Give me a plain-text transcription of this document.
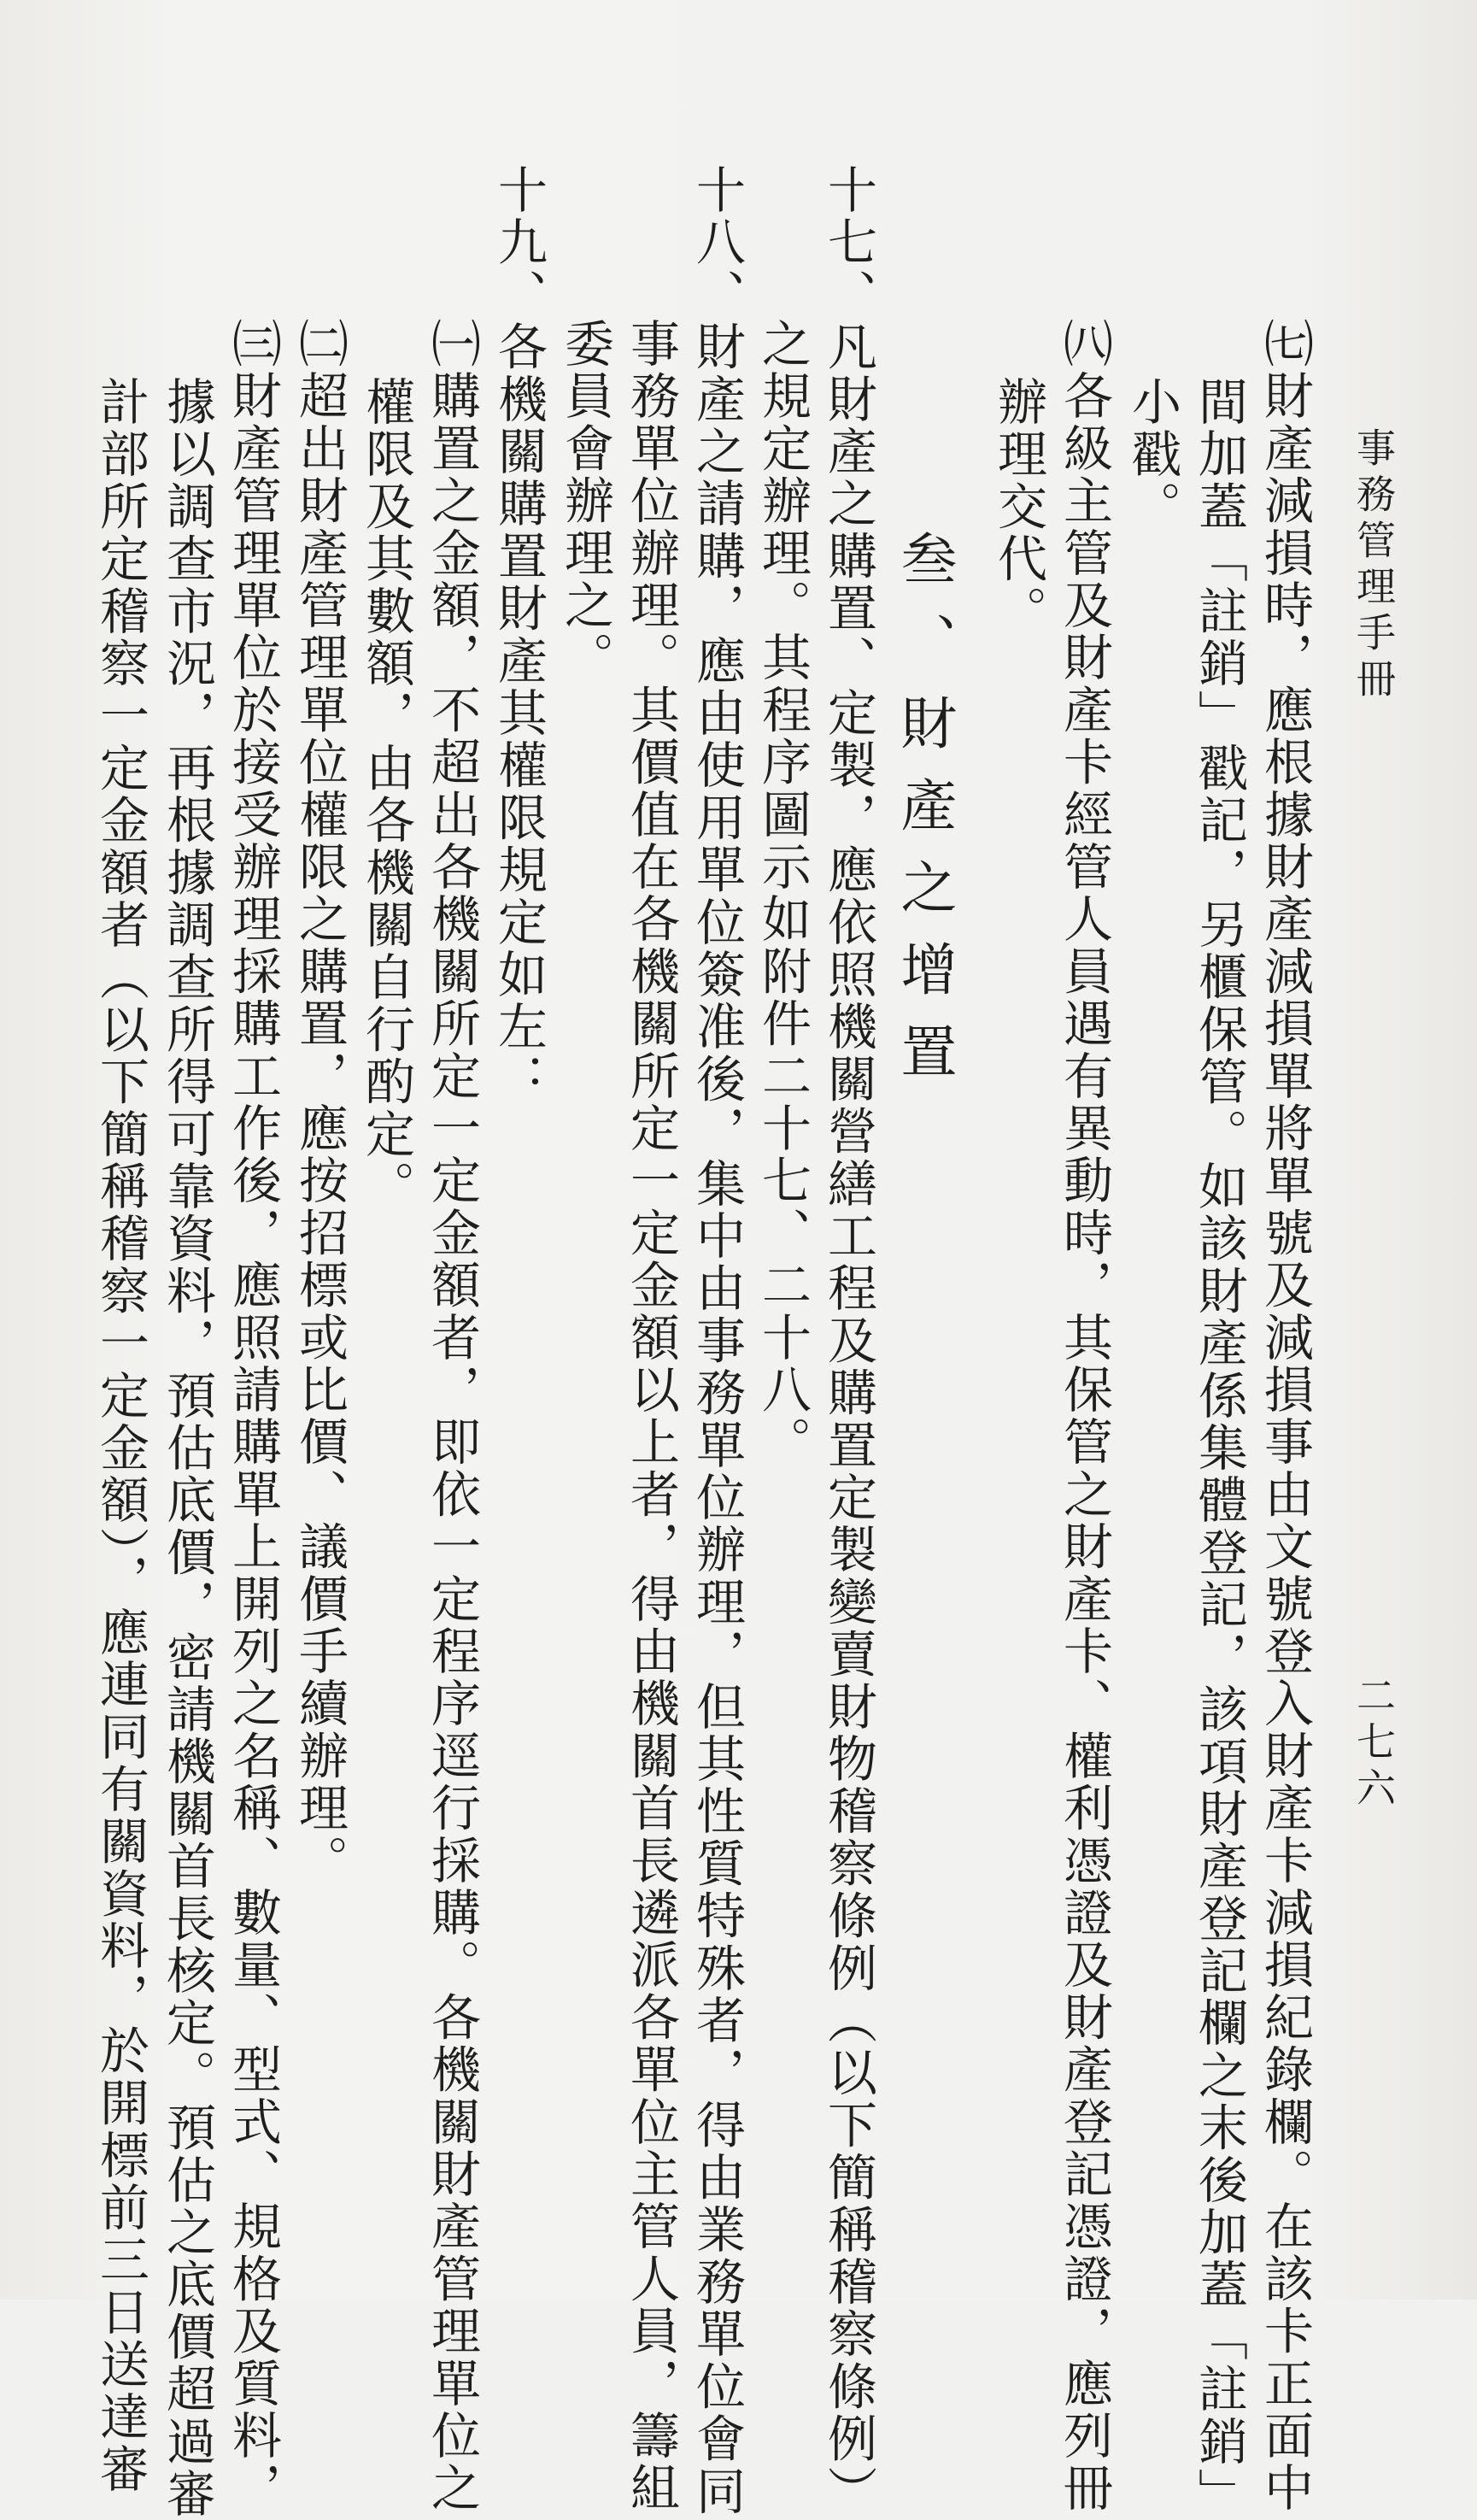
事務管理手冊
二七六
㈦財產減損時，應根據財產減損單將單號及減損事由文號登入財產卡減損紀錄欄。在該卡正面中
間加蓋「註銷」戳記，另櫃保管。如該財產係集體登記，該項財產登記欄之末後加蓋「註銷」
小戳。
㈧各級主管及財產卡經管人員遇有異動時，其保管之財產卡、權利憑證及財產登記憑證，應列冊
辦理交代。
叁、財產之增置
十七、凡財產之購置、定製，應依照機關營繕工程及購置定製變賣財物稽察條例（以下簡稱稽察條例）
之規定辦理。其程序圖示如附件二十七、二十八。
十八、財產之請購，應由使用單位簽准後，集中由事務單位辦理，但其性質特殊者，得由業務單位會同
事務單位辦理。其價值在各機關所定一定金額以上者，得由機關首長遴派各單位主管人員，籌組
委員會辦理之。
十九、各機關購置財產其權限規定如左：
㈠購置之金額，不超出各機關所定一定金額者，即依一定程序逕行採購。各機關財產管理單位之
權限及其數額，由各機關自行酌定。
㈡超出財產管理單位權限之購置，應按招標或比價、議價手續辦理。
㈢財產管理單位於接受辦理採購工作後，應照請購單上開列之名稱、數量、型式、規格及質料，
據以調查市況，再根據調查所得可靠資料，預估底價，密請機關首長核定。預估之底價超過審
計部所定稽察一定金額者（以下簡稱稽察一定金額），應連同有關資料，於開標前三日送達審
